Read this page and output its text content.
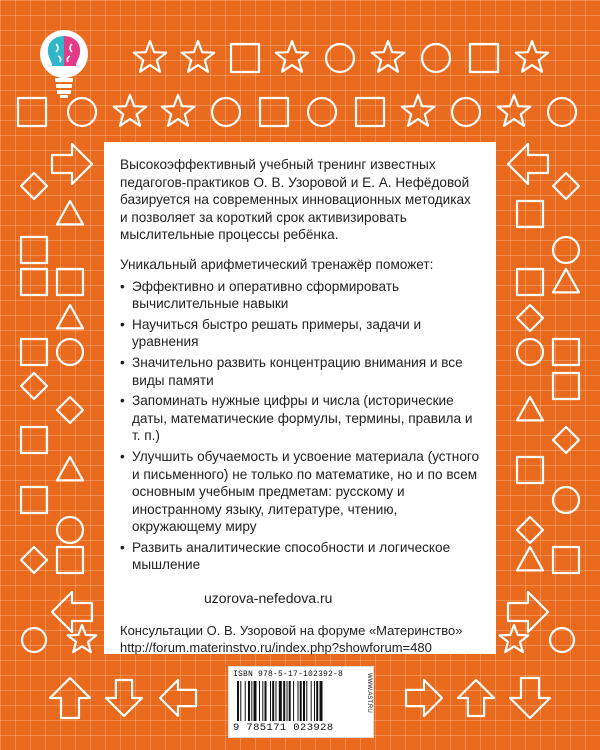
Высокоэффективный учебный тренинг известных педагогов-практиков О. В. Узоровой и Е. А. Нефёдовой базируется на современных инновационных методиках и позволяет за короткий срок активизировать мыслительные процессы ребёнка.

Уникальный арифметический тренажёр поможет:

• Эффективно и оперативно сформировать вычислительные навыки
• Научиться быстро решать примеры, задачи и уравнения
• Значительно развить концентрацию внимания и все виды памяти
• Запоминать нужные цифры и числа (исторические даты, математические формулы, термины, правила и т. п.)
• Улучшить обучаемость и усвоение материала (устного и письменного) не только по математике, но и по всем основным учебным предметам: русскому и иностранному языку, литературе, чтению, окружающему миру
• Развить аналитические способности и логическое мышление

uzorova-nefedova.ru

Консультации О. В. Узоровой на форуме «Материнство»
http://forum.materinstvo.ru/index.php?showforum=480

ISBN 978-5-17-102392-8
9 785171 023928
WWW.AST.RU
